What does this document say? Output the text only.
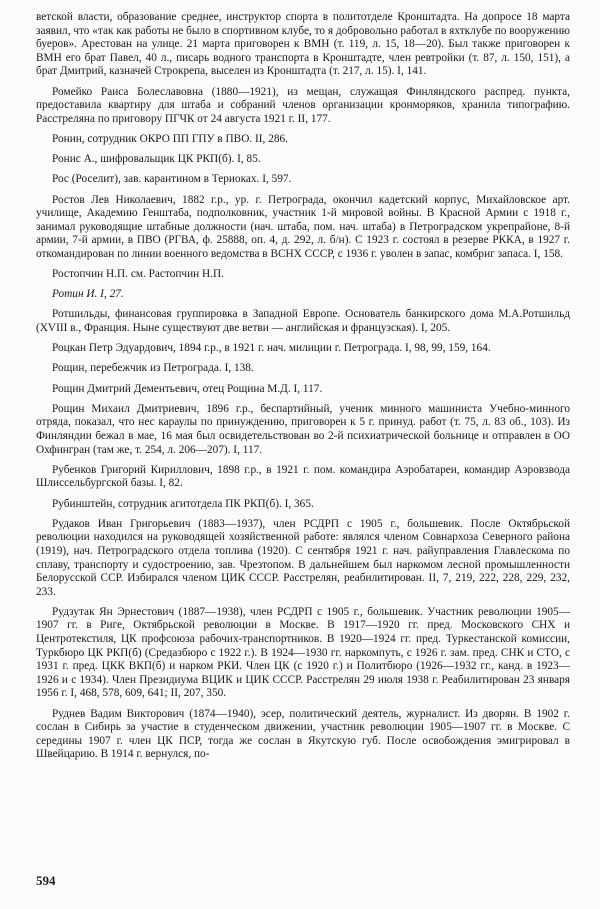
ветской власти, образование среднее, инструктор спорта в политотделе Кронштадта. На допросе 18 марта заявил, что «так как работы не было в спортивном клубе, то я добровольно работал в яхтклубе по вооружению буеров». Арестован на улице. 21 марта приговорен к ВМН (т. 119, л. 15, 18—20). Был также приговорен к ВМН его брат Павел, 40 л., писарь водного транспорта в Кронштадте, член ревтройки (т. 87, л. 150, 151), а брат Дмитрий, казначей Строкрепа, выселен из Кронштадта (т. 217, л. 15). I, 141.

Ромейко Раиса Болеславовна (1880—1921), из мещан, служащая Финляндского распред. пункта, предоставила квартиру для штаба и собраний членов организации кронморяков, хранила типографию. Расстреляна по приговору ПГЧК от 24 августа 1921 г. II, 177.

Ронин, сотрудник ОКРО ПП ГПУ в ПВО. II, 286.

Ронис А., шифровальщик ЦК РКП(б). I, 85.

Рос (Роселит), зав. карантином в Териоках. I, 597.

Ростов Лев Николаевич, 1882 г.р., ур. г. Петрограда, окончил кадетский корпус, Михайловское арт. училище, Академию Генштаба, подполковник, участник 1-й мировой войны. В Красной Армии с 1918 г., занимал руководящие штабные должности (нач. штаба, пом. нач. штаба) в Петроградском укрепрайоне, 8-й армии, 7-й армии, в ПВО (РГВА, ф. 25888, оп. 4, д. 292, л. б/н). С 1923 г. состоял в резерве РККА, в 1927 г. откомандирован по линии военного ведомства в ВСНХ СССР, с 1936 г. уволен в запас, комбриг запаса. I, 158.

Ростопчин Н.П. см. Растопчин Н.П.

Ротин И. I, 27.

Ротшильды, финансовая группировка в Западной Европе. Основатель банкирского дома М.А.Ротшильд (XVIII в., Франция. Ныне существуют две ветви — английская и французская). I, 205.

Роцкан Петр Эдуардович, 1894 г.р., в 1921 г. нач. милиции г. Петрограда. I, 98, 99, 159, 164.

Рощин, перебежчик из Петрограда. I, 138.

Рощин Дмитрий Дементьевич, отец Рощина М.Д. I, 117.

Рощин Михаил Дмитриевич, 1896 г.р., беспартийный, ученик минного машиниста Учебно-минного отряда, показал, что нес караулы по принуждению, приговорен к 5 г. принуд. работ (т. 75, л. 83 об., 103). Из Финляндии бежал в мае, 16 мая был освидетельствован во 2-й психиатрической больнице и отправлен в ОО Охфингран (там же, т. 254, л. 206—207). I, 117.

Рубенков Григорий Кириллович, 1898 г.р., в 1921 г. пом. командира Аэробатареи, командир Аэровзвода Шлиссельбургской базы. I, 82.

Рубинштейн, сотрудник агитотдела ПК РКП(б). I, 365.

Рудаков Иван Григорьевич (1883—1937), член РСДРП с 1905 г., большевик. После Октябрьской революции находился на руководящей хозяйственной работе: являлся членом Совнархоза Северного района (1919), нач. Петроградского отдела топлива (1920). С сентября 1921 г. нач. райуправления Главлескома по сплаву, транспорту и судостроению, зав. Чрезтопом. В дальнейшем был наркомом лесной промышленности Белорусской ССР. Избирался членом ЦИК СССР. Расстрелян, реабилитирован. II, 7, 219, 222, 228, 229, 232, 233.

Рудзутак Ян Эрнестович (1887—1938), член РСДРП с 1905 г., большевик. Участник революции 1905—1907 гг. в Риге, Октябрьской революции в Москве. В 1917—1920 гг. пред. Московского СНХ и Центротекстиля, ЦК профсоюза рабочих-транспортников. В 1920—1924 гг. пред. Туркестанской комиссии, Туркбюро ЦК РКП(б) (Средазбюро с 1922 г.). В 1924—1930 гг. наркомпуть, с 1926 г. зам. пред. СНК и СТО, с 1931 г. пред. ЦКК ВКП(б) и нарком РКИ. Член ЦК (с 1920 г.) и Политбюро (1926—1932 гг., канд. в 1923—1926 и с 1934). Член Президиума ВЦИК и ЦИК СССР. Расстрелян 29 июля 1938 г. Реабилитирован 23 января 1956 г. I, 468, 578, 609, 641; II, 207, 350.

Руднев Вадим Викторович (1874—1940), эсер, политический деятель, журналист. Из дворян. В 1902 г. сослан в Сибирь за участие в студенческом движении, участник революции 1905—1907 гг. в Москве. С середины 1907 г. член ЦК ПСР, тогда же сослан в Якутскую губ. После освобождения эмигрировал в Швейцарию. В 1914 г. вернулся, по-

594
